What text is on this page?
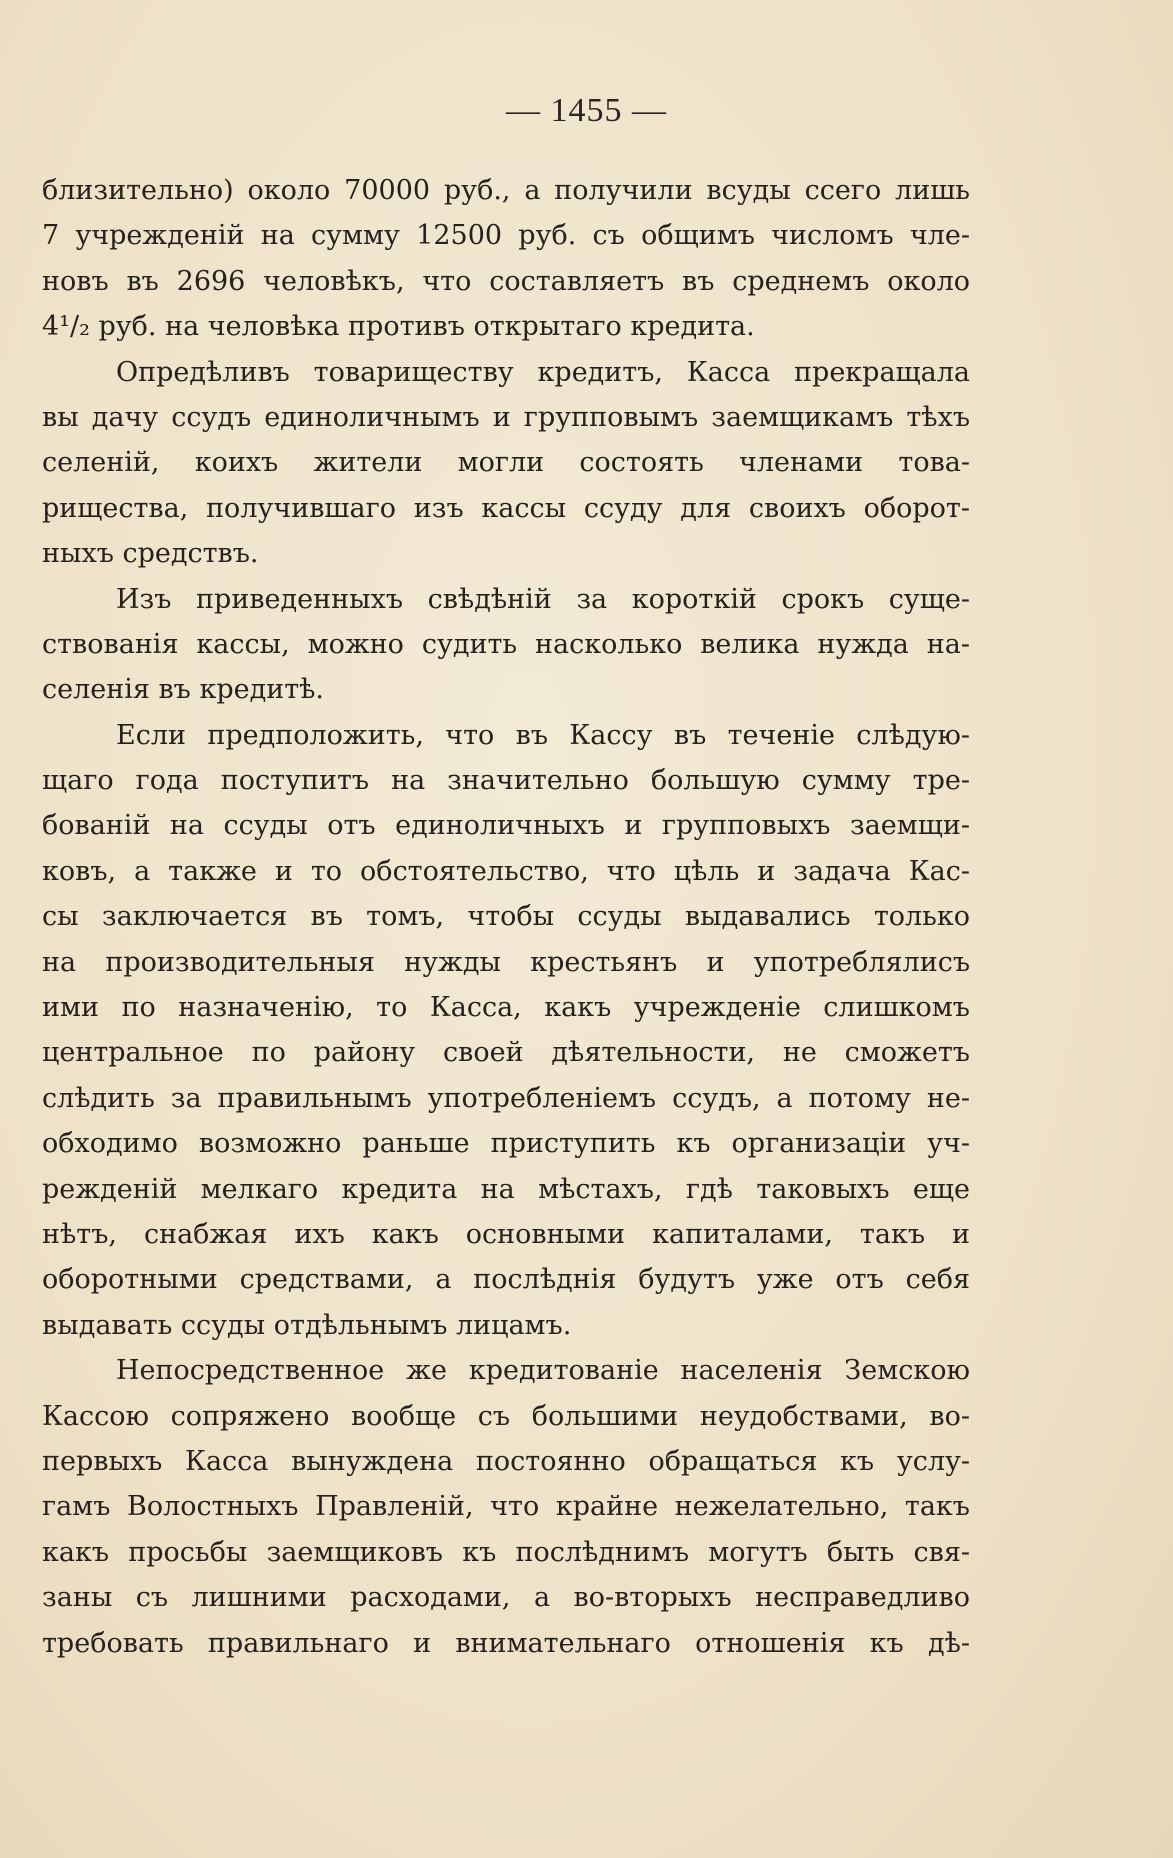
— 1455 —
близительно) около 70000 руб., а получили всуды ссего лишь
7 учрежденій на сумму 12500 руб. съ общимъ числомъ чле-
новъ въ 2696 человѣкъ, что составляетъ въ среднемъ около
4¹/₂ руб. на человѣка противъ открытаго кредита.
Опредѣливъ товариществу кредитъ, Касса прекращала
вы дачу ссудъ единоличнымъ и групповымъ заемщикамъ тѣхъ
селеній, коихъ жители могли состоять членами това-
рищества, получившаго изъ кассы ссуду для своихъ оборот-
ныхъ средствъ.
Изъ приведенныхъ свѣдѣній за короткій срокъ суще-
ствованія кассы, можно судить насколько велика нужда на-
селенія въ кредитѣ.
Если предположить, что въ Кассу въ теченіе слѣдую-
щаго года поступитъ на значительно большую сумму тре-
бованій на ссуды отъ единоличныхъ и групповыхъ заемщи-
ковъ, а также и то обстоятельство, что цѣль и задача Кас-
сы заключается въ томъ, чтобы ссуды выдавались только
на производительныя нужды крестьянъ и употреблялисъ
ими по назначенію, то Касса, какъ учрежденіе слишкомъ
центральное по району своей дѣятельности, не сможетъ
слѣдить за правильнымъ употребленіемъ ссудъ, а потому не-
обходимо возможно раньше приступить къ организаціи уч-
режденій мелкаго кредита на мѣстахъ, гдѣ таковыхъ еще
нѣтъ, снабжая ихъ какъ основными капиталами, такъ и
оборотными средствами, а послѣднія будутъ уже отъ себя
выдавать ссуды отдѣльнымъ лицамъ.
Непосредственное же кредитованіе населенія Земскою
Кассою сопряжено вообще съ большими неудобствами, во-
первыхъ Касса вынуждена постоянно обращаться къ услу-
гамъ Волостныхъ Правленій, что крайне нежелательно, такъ
какъ просьбы заемщиковъ къ послѣднимъ могутъ быть свя-
заны съ лишними расходами, а во-вторыхъ несправедливо
требовать правильнаго и внимательнаго отношенія къ дѣ-
